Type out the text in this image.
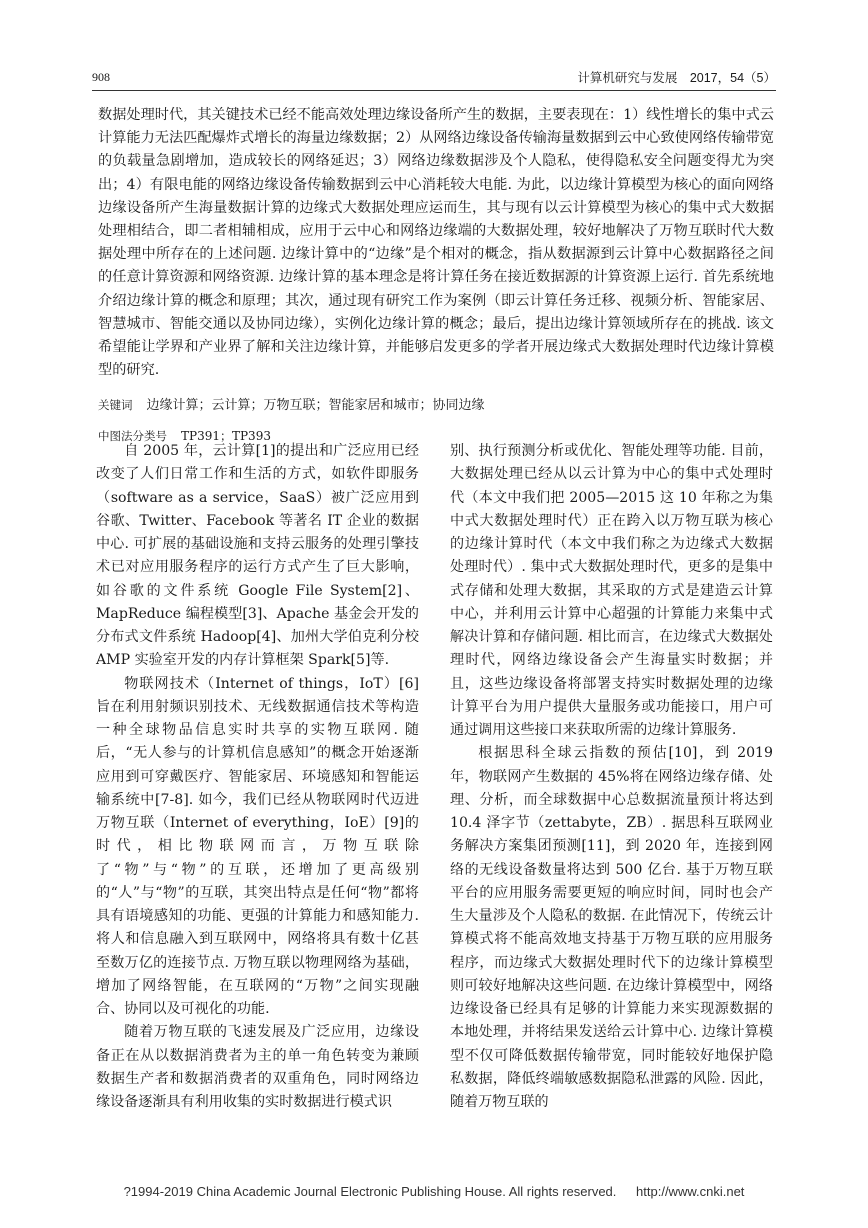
908	计算机研究与发展　2017，54（5）
数据处理时代，其关键技术已经不能高效处理边缘设备所产生的数据，主要表现在：1）线性增长的集中式云计算能力无法匹配爆炸式增长的海量边缘数据；2）从网络边缘设备传输海量数据到云中心致使网络传输带宽的负载量急剧增加，造成较长的网络延迟；3）网络边缘数据涉及个人隐私，使得隐私安全问题变得尤为突出；4）有限电能的网络边缘设备传输数据到云中心消耗较大电能. 为此，以边缘计算模型为核心的面向网络边缘设备所产生海量数据计算的边缘式大数据处理应运而生，其与现有以云计算模型为核心的集中式大数据处理相结合，即二者相辅相成，应用于云中心和网络边缘端的大数据处理，较好地解决了万物互联时代大数据处理中所存在的上述问题. 边缘计算中的“边缘”是个相对的概念，指从数据源到云计算中心数据路径之间的任意计算资源和网络资源. 边缘计算的基本理念是将计算任务在接近数据源的计算资源上运行. 首先系统地介绍边缘计算的概念和原理；其次，通过现有研究工作为案例（即云计算任务迁移、视频分析、智能家居、智慧城市、智能交通以及协同边缘），实例化边缘计算的概念；最后，提出边缘计算领域所存在的挑战. 该文希望能让学界和产业界了解和关注边缘计算，并能够启发更多的学者开展边缘式大数据处理时代边缘计算模型的研究.
关键词 边缘计算；云计算；万物互联；智能家居和城市；协同边缘
中图法分类号 TP391；TP393

自 2005 年，云计算[1]的提出和广泛应用已经改变了人们日常工作和生活的方式，如软件即服务（software as a service，SaaS）被广泛应用到谷歌、Twitter、Facebook 等著名 IT 企业的数据中心. 可扩展的基础设施和支持云服务的处理引擎技术已对应用服务程序的运行方式产生了巨大影响，如谷歌的文件系统 Google File System[2]、MapReduce 编程模型[3]、Apache 基金会开发的分布式文件系统 Hadoop[4]、加州大学伯克利分校 AMP 实验室开发的内存计算框架 Spark[5]等.

物联网技术（Internet of things，IoT）[6]旨在利用射频识别技术、无线数据通信技术等构造一种全球物品信息实时共享的实物互联网. 随后，“无人参与的计算机信息感知”的概念开始逐渐应用到可穿戴医疗、智能家居、环境感知和智能运输系统中[7-8]. 如今，我们已经从物联网时代迈进万物互联（Internet of everything，IoE）[9]的时代，相比物联网而言，万物互联除了“物”与“物”的互联，还增加了更高级别的“人”与“物”的互联，其突出特点是任何“物”都将具有语境感知的功能、更强的计算能力和感知能力. 将人和信息融入到互联网中，网络将具有数十亿甚至数万亿的连接节点. 万物互联以物理网络为基础，增加了网络智能，在互联网的“万物”之间实现融合、协同以及可视化的功能.

随着万物互联的飞速发展及广泛应用，边缘设备正在从以数据消费者为主的单一角色转变为兼顾数据生产者和数据消费者的双重角色，同时网络边缘设备逐渐具有利用收集的实时数据进行模式识

别、执行预测分析或优化、智能处理等功能. 目前，大数据处理已经从以云计算为中心的集中式处理时代（本文中我们把 2005—2015 这 10 年称之为集中式大数据处理时代）正在跨入以万物互联为核心的边缘计算时代（本文中我们称之为边缘式大数据处理时代）. 集中式大数据处理时代，更多的是集中式存储和处理大数据，其采取的方式是建造云计算中心，并利用云计算中心超强的计算能力来集中式解决计算和存储问题. 相比而言，在边缘式大数据处理时代，网络边缘设备会产生海量实时数据；并且，这些边缘设备将部署支持实时数据处理的边缘计算平台为用户提供大量服务或功能接口，用户可通过调用这些接口来获取所需的边缘计算服务.

根据思科全球云指数的预估[10]，到 2019 年，物联网产生数据的 45%将在网络边缘存储、处理、分析，而全球数据中心总数据流量预计将达到 10.4 泽字节（zettabyte，ZB）. 据思科互联网业务解决方案集团预测[11]，到 2020 年，连接到网络的无线设备数量将达到 500 亿台. 基于万物互联平台的应用服务需要更短的响应时间，同时也会产生大量涉及个人隐私的数据. 在此情况下，传统云计算模式将不能高效地支持基于万物互联的应用服务程序，而边缘式大数据处理时代下的边缘计算模型则可较好地解决这些问题. 在边缘计算模型中，网络边缘设备已经具有足够的计算能力来实现源数据的本地处理，并将结果发送给云计算中心. 边缘计算模型不仅可降低数据传输带宽，同时能较好地保护隐私数据，降低终端敏感数据隐私泄露的风险. 因此，随着万物互联的

?1994-2019 China Academic Journal Electronic Publishing House. All rights reserved. http://www.cnki.net
